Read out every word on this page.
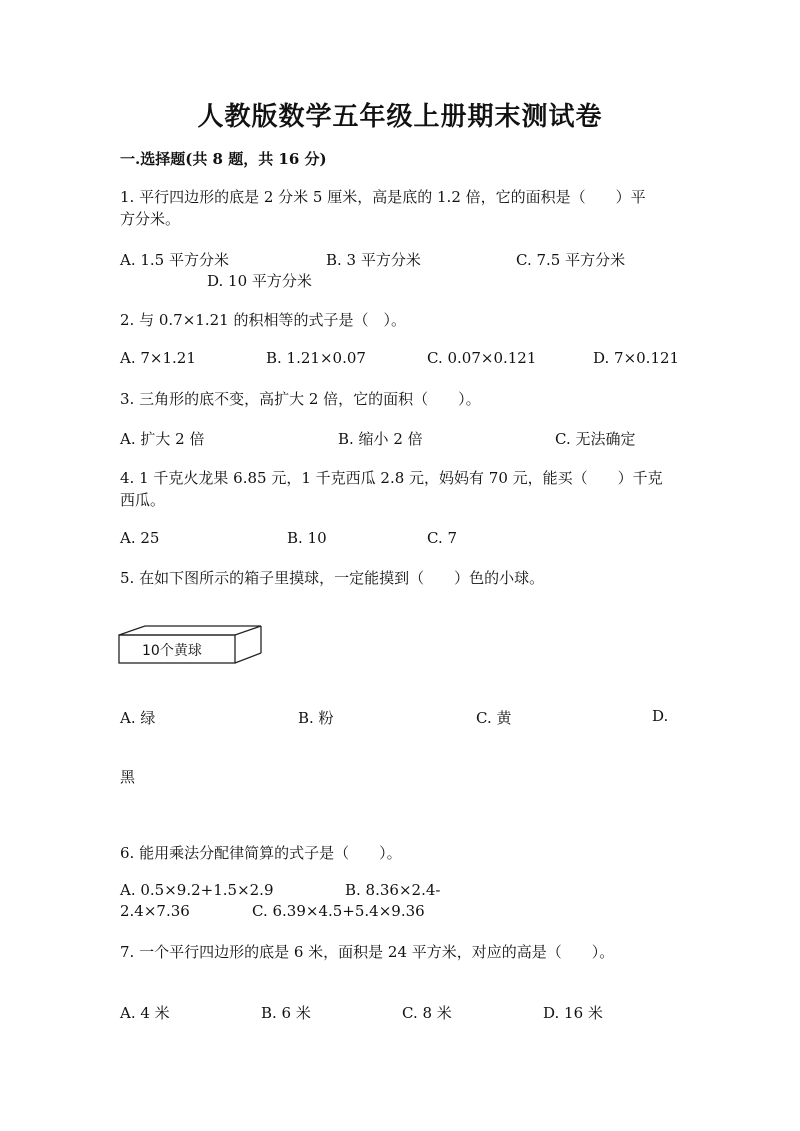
人教版数学五年级上册期末测试卷
一.选择题(共 8 题，共 16 分)
1. 平行四边形的底是 2 分米 5 厘米，高是底的 1.2 倍，它的面积是（　　）平
方分米。
A. 1.5 平方分米	B. 3 平方分米	C. 7.5 平方分米
D. 10 平方分米
2. 与 0.7×1.21 的积相等的式子是（　）。
A. 7×1.21	B. 1.21×0.07	C. 0.07×0.121	D. 7×0.121
3. 三角形的底不变，高扩大 2 倍，它的面积（　　）。
A. 扩大 2 倍	B. 缩小 2 倍	C. 无法确定
4. 1 千克火龙果 6.85 元，1 千克西瓜 2.8 元，妈妈有 70 元，能买（　　）千克
西瓜。
A. 25	B. 10	C. 7
5. 在如下图所示的箱子里摸球，一定能摸到（　　）色的小球。
10个黄球
A. 绿	B. 粉	C. 黄	D.
黑
6. 能用乘法分配律简算的式子是（　　）。
A. 0.5×9.2+1.5×2.9	B. 8.36×2.4-
2.4×7.36	C. 6.39×4.5+5.4×9.36
7. 一个平行四边形的底是 6 米，面积是 24 平方米，对应的高是（　　）。
A. 4 米	B. 6 米	C. 8 米	D. 16 米
